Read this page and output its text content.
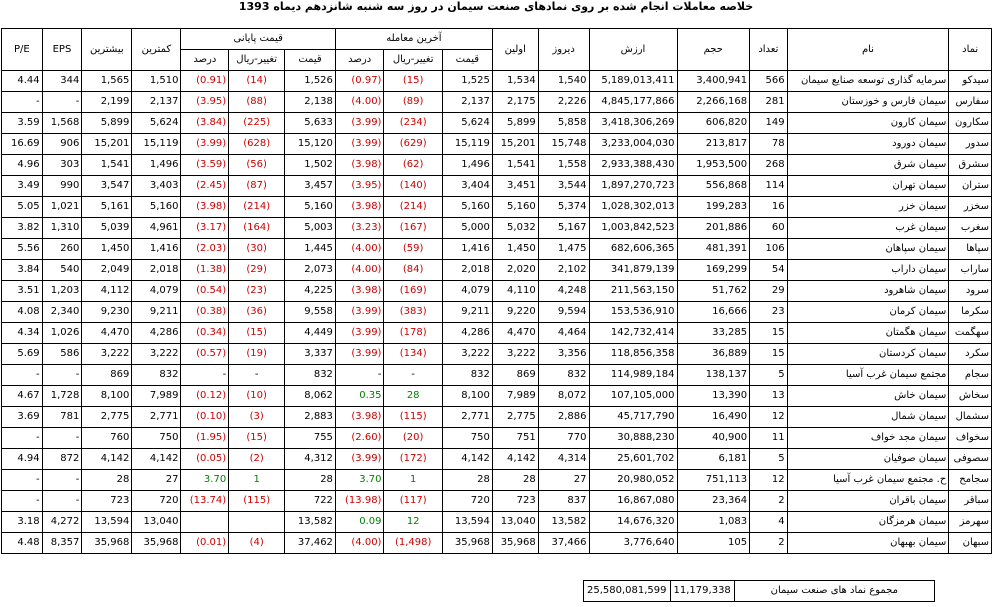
خلاصه معاملات انجام شده بر روی نمادهای صنعت سیمان در روز سه شنبه شانزدهم دیماه 1393
P/E	EPS	بیشترین	کمترین	قیمت پایانی			آخرین معامله			اولین	دیروز	ارزش	حجم	تعداد	نام	نماد
				درصد	تغییر-ریال	قیمت	درصد	تغییر-ریال	قیمت							
4.44	344	1,565	1,510	(0.91)	(14)	1,526	(0.97)	(15)	1,525	1,534	1,540	5,189,013,411	3,400,941	566	سرمایه گذاری توسعه صنایع سیمان	سیدکو
-	-	2,199	2,137	(3.95)	(88)	2,138	(4.00)	(89)	2,137	2,175	2,226	4,845,177,866	2,266,168	281	سیمان فارس و خوزستان	سفارس
3.59	1,568	5,899	5,624	(3.84)	(225)	5,633	(3.99)	(234)	5,624	5,899	5,858	3,418,306,269	606,820	149	سیمان کارون	سکارون
16.69	906	15,201	15,119	(3.99)	(628)	15,120	(3.99)	(629)	15,119	15,201	15,748	3,233,004,030	213,817	78	سیمان دورود	سدور
4.96	303	1,541	1,496	(3.59)	(56)	1,502	(3.98)	(62)	1,496	1,541	1,558	2,933,388,430	1,953,500	268	سیمان شرق	سشرق
3.49	990	3,547	3,403	(2.45)	(87)	3,457	(3.95)	(140)	3,404	3,451	3,544	1,897,270,723	556,868	114	سیمان تهران	ستران
5.05	1,021	5,161	5,160	(3.98)	(214)	5,160	(3.98)	(214)	5,160	5,160	5,374	1,028,302,013	199,283	16	سیمان خزر	سخزر
3.82	1,310	5,039	4,961	(3.17)	(164)	5,003	(3.23)	(167)	5,000	5,032	5,167	1,003,842,523	201,886	60	سیمان غرب	سغرب
5.56	260	1,450	1,416	(2.03)	(30)	1,445	(4.00)	(59)	1,416	1,450	1,475	682,606,365	481,391	106	سیمان سپاهان	سپاها
3.84	540	2,049	2,018	(1.38)	(29)	2,073	(4.00)	(84)	2,018	2,020	2,102	341,879,139	169,299	54	سیمان داراب	ساراب
3.51	1,203	4,112	4,079	(0.54)	(23)	4,225	(3.98)	(169)	4,079	4,110	4,248	211,563,150	51,762	29	سیمان شاهرود	سرود
4.08	2,340	9,230	9,211	(0.38)	(36)	9,558	(3.99)	(383)	9,211	9,220	9,594	153,536,910	16,666	23	سیمان کرمان	سکرما
4.34	1,026	4,470	4,286	(0.34)	(15)	4,449	(3.99)	(178)	4,286	4,470	4,464	142,732,414	33,285	15	سیمان هگمتان	سهگمت
5.69	586	3,222	3,222	(0.57)	(19)	3,337	(3.99)	(134)	3,222	3,222	3,356	118,856,358	36,889	15	سیمان کردستان	سکرد
-	-	869	832	-	-	832	-	-	832	869	832	114,989,184	138,137	5	مجتمع سیمان غرب آسیا	سجام
4.67	1,728	8,100	7,989	(0.12)	(10)	8,062	0.35	28	8,100	7,989	8,072	107,105,000	13,390	13	سیمان خاش	سخاش
3.69	781	2,775	2,771	(0.10)	(3)	2,883	(3.98)	(115)	2,771	2,775	2,886	45,717,790	16,490	12	سیمان شمال	سشمال
-	-	760	750	(1.95)	(15)	755	(2.60)	(20)	750	751	770	30,888,230	40,900	11	سیمان مجد خواف	سخواف
4.94	872	4,142	4,142	(0.05)	(2)	4,312	(3.99)	(172)	4,142	4,142	4,314	25,601,702	6,181	5	سیمان صوفیان	سصوفی
-	-	28	27	3.70	1	28	3.70	1	28	28	27	20,980,052	751,113	12	ح. مجتمع سیمان غرب آسیا	سجامح
-	-	723	720	(13.74)	(115)	722	(13.98)	(117)	720	723	837	16,867,080	23,364	2	سیمان باقران	سباقر
3.18	4,272	13,594	13,040			13,582	0.09	12	13,594	13,040	13,582	14,676,320	1,083	4	سیمان هرمزگان	سهرمز
4.48	8,357	35,968	35,968	(0.01)	(4)	37,462	(4.00)	(1,498)	35,968	35,968	37,466	3,776,640	105	2	سیمان بهبهان	سبهان
25,580,081,599	11,179,338	مجموع نماد های صنعت سیمان
